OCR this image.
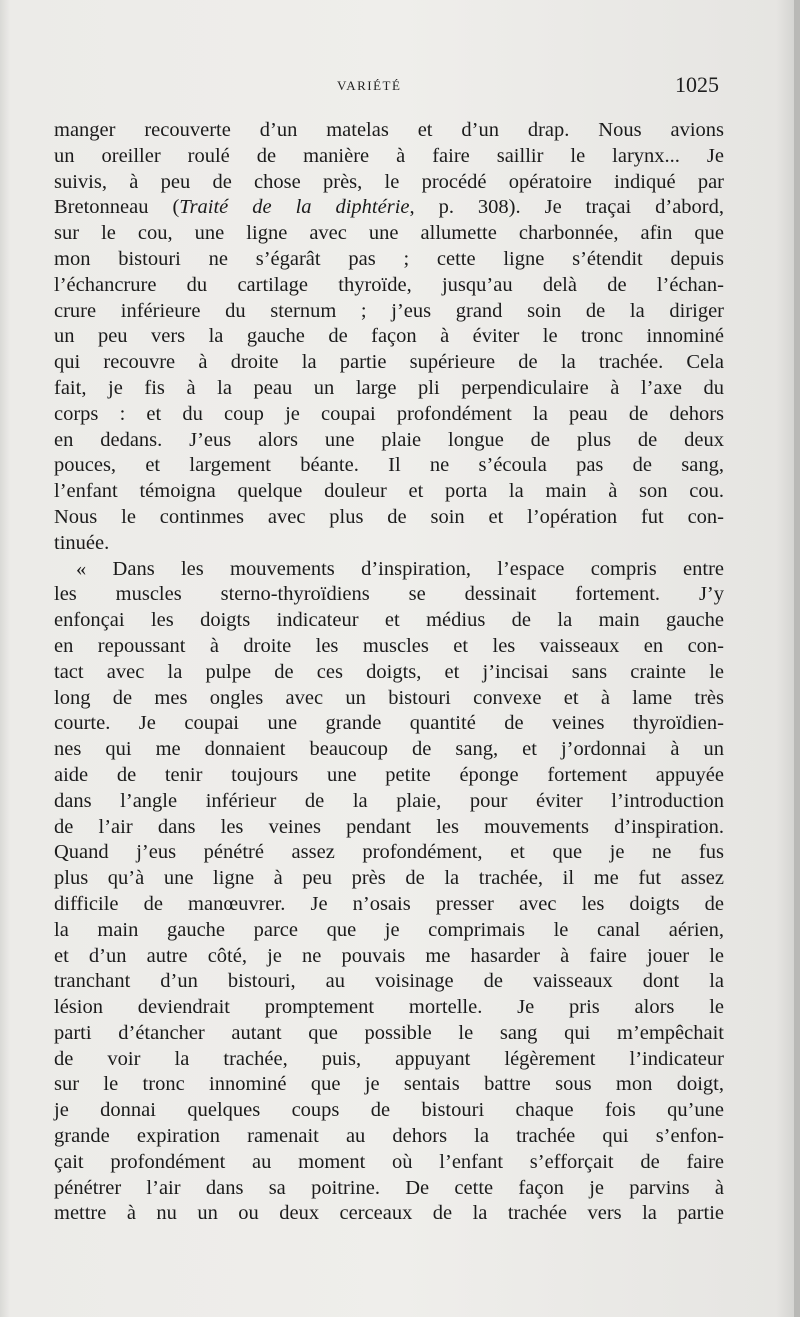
VARIÉTÉ	1025
manger recouverte d’un matelas et d’un drap. Nous avions
un oreiller roulé de manière à faire saillir le larynx... Je
suivis, à peu de chose près, le procédé opératoire indiqué par
Bretonneau (Traité de la diphtérie, p. 308). Je traçai d’abord,
sur le cou, une ligne avec une allumette charbonnée, afin que
mon bistouri ne s’égarât pas ; cette ligne s’étendit depuis
l’échancrure du cartilage thyroïde, jusqu’au delà de l’échan-
crure inférieure du sternum ; j’eus grand soin de la diriger
un peu vers la gauche de façon à éviter le tronc innominé
qui recouvre à droite la partie supérieure de la trachée. Cela
fait, je fis à la peau un large pli perpendiculaire à l’axe du
corps : et du coup je coupai profondément la peau de dehors
en dedans. J’eus alors une plaie longue de plus de deux
pouces, et largement béante. Il ne s’écoula pas de sang,
l’enfant témoigna quelque douleur et porta la main à son cou.
Nous le continmes avec plus de soin et l’opération fut con-
tinuée.
« Dans les mouvements d’inspiration, l’espace compris entre
les muscles sterno-thyroïdiens se dessinait fortement. J’y
enfonçai les doigts indicateur et médius de la main gauche
en repoussant à droite les muscles et les vaisseaux en con-
tact avec la pulpe de ces doigts, et j’incisai sans crainte le
long de mes ongles avec un bistouri convexe et à lame très
courte. Je coupai une grande quantité de veines thyroïdien-
nes qui me donnaient beaucoup de sang, et j’ordonnai à un
aide de tenir toujours une petite éponge fortement appuyée
dans l’angle inférieur de la plaie, pour éviter l’introduction
de l’air dans les veines pendant les mouvements d’inspiration.
Quand j’eus pénétré assez profondément, et que je ne fus
plus qu’à une ligne à peu près de la trachée, il me fut assez
difficile de manœuvrer. Je n’osais presser avec les doigts de
la main gauche parce que je comprimais le canal aérien,
et d’un autre côté, je ne pouvais me hasarder à faire jouer le
tranchant d’un bistouri, au voisinage de vaisseaux dont la
lésion deviendrait promptement mortelle. Je pris alors le
parti d’étancher autant que possible le sang qui m’empêchait
de voir la trachée, puis, appuyant légèrement l’indicateur
sur le tronc innominé que je sentais battre sous mon doigt,
je donnai quelques coups de bistouri chaque fois qu’une
grande expiration ramenait au dehors la trachée qui s’enfon-
çait profondément au moment où l’enfant s’efforçait de faire
pénétrer l’air dans sa poitrine. De cette façon je parvins à
mettre à nu un ou deux cerceaux de la trachée vers la partie
